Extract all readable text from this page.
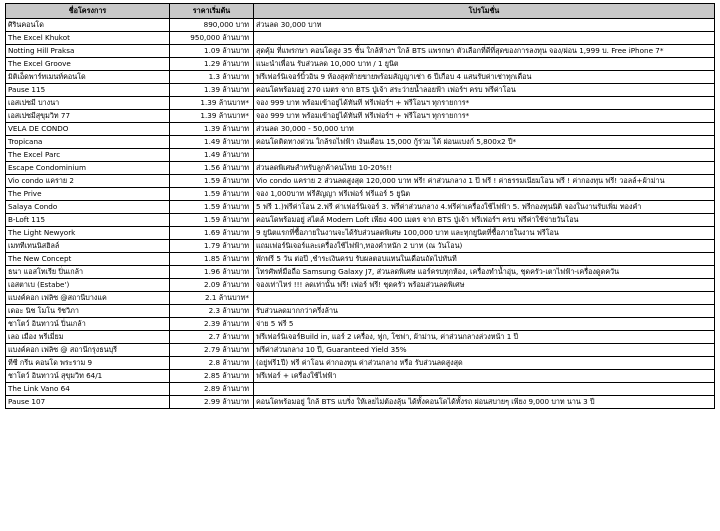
ชื่อโครงการ	ราคาเริ่มต้น	โปรโมชั่น
ศิรินคอนโด	890,000 บาท	ส่วนลด 30,000 บาท
The Excel Khukot	950,000 ล้านบาท	
Notting Hill Praksa	1.09 ล้านบาท	สุดคุ้ม ที่แพรกษา คอนโดสูง 35 ชั้น ใกล้ห้างฯ ใกล้ BTS แพรกษา ตัวเลือกที่ดีที่สุดของการลงทุน จอง/ผ่อน 1,999 บ. Free iPhone 7*
The Excel Groove	1.29 ล้านบาท	แนะนำเพื่อน รับส่วนลด 10,000 บาท / 1 ยูนิต
มิติเอ็ดพาร์ทเมนท์คอนโด	1.3 ล้านบาท	ฟรีเฟอร์นิเจอร์บิ้วอิน 9 ห้องสุดท้ายขายพร้อมสัญญาเช่า 6 ปีเกือบ 4 แสนรับค่าเช่าทุกเดือน
Pause 115	1.39 ล้านบาท	คอนโดพร้อมอยู่ 270 เมตร จาก BTS ปู่เจ้า สระว่ายน้ำลอยฟ้า เฟอร์ฯ ครบ ฟรีค่าโอน
เอสเปซมี บางนา	1.39 ล้านบาท*	จอง 999 บาท พร้อมเข้าอยู่ได้ทันที ฟรีเฟอร์ฯ + ฟรีโอนฯ ทุกรายการ*
เอสเปซมีสุขุมวิท 77	1.39 ล้านบาท*	จอง 999 บาท พร้อมเข้าอยู่ได้ทันที ฟรีเฟอร์ฯ + ฟรีโอนฯ ทุกรายการ*
VELA DE CONDO	1.39 ล้านบาท	ส่วนลด 30,000 - 50,000 บาท
Tropicana	1.49 ล้านบาท	คอนโดติดทางด่วน ใกล้รถไฟฟ้า เงินเดือน 15,000 กู้ร่วม ได้ ผ่อนแบงก์ 5,800x2 ปี*
The Excel Parc	1.49 ล้านบาท	
Escape Condominium	1.56 ล้านบาท	ส่วนลดพิเศษสำหรับลูกค้าคนไทย 10-20%!!
Vio condo แคราย 2	1.59 ล้านบาท	Vio condo แคราย 2 ส่วนลดสูงสุด 120,000 บาท ฟรี! ค่าส่วนกลาง 1 ปี ฟรี ! ค่าธรรมเนียมโอน ฟรี ! ค่ากองทุน ฟรี! วอลล์+ผ้าม่าน
The Prive	1.59 ล้านบาท	จอง 1,000บาท ฟรีสัญญา ฟรีเฟอร์ ฟรีแอร์ 5 ยูนิต
Salaya Condo	1.59 ล้านบาท	5 ฟรี 1.)ฟรีค่าโอน 2.ฟรี ค่าเฟอร์นิเจอร์ 3. ฟรีค่าส่วนกลาง 4.ฟรีค่าเครื่องใช้ไฟฟ้า 5. ฟรีกองทุนนิติ จองในงานรับเพิ่ม ทองคำ
B-Loft 115	1.59 ล้านบาท	คอนโดพร้อมอยู่ สไตล์ Modern Loft เพียง 400 เมตร จาก BTS ปู่เจ้า ฟรีเฟอร์ฯ ครบ ฟรีค่าใช้จ่ายวันโอน
The Light Newyork	1.69 ล้านบาท	9 ยูนิตแรกที่ซื้อภายในงานจะได้รับส่วนลดพิเศษ 100,000 บาท และทุกยูนิตที่ซื้อภายในงาน ฟรีโอน
เมททีเทนนิสฮิลล์	1.79 ล้านบาท	แถมเฟอร์นิเจอร์และเครื่องใช้ไฟฟ้า,ทองคำหนัก 2 บาท (ณ วันโอน)
The New Concept	1.85 ล้านบาท	พักฟรี 5 วัน ต่อปี ,ชำระเงินครบ รับผลตอบแทนในเดือนถัดไปทันที
ธนา แอสโทเรีย ปิ่นเกล้า	1.96 ล้านบาท	โทรศัพท์มือถือ Samsung Galaxy J7, ส่วนลดพิเศษ แอร์ครบทุกห้อง, เครื่องทำน้ำอุ่น, ชุดครัว-เตาไฟฟ้า-เครื่องดูดควัน
เอสตาเบ (Estabe')	2.09 ล้านบาท	จองเท่าไหร่ !!! ลดเท่านั้น ฟรี! เฟอร์ ฟรี! ชุดครัว พร้อมส่วนลดพิเศษ
แบงค์คอก เฟลิซ @สถานีบางแค	2.1 ล้านบาท*	
เดอะ นิช โมโน รัชวิภา	2.3 ล้านบาท	รับส่วนลดมากกว่าครึ่งล้าน
ชาโตว์ อินทาวน์ ปิ่นเกล้า	2.39 ล้านบาท	จ่าย 5 ฟรี 5
เลอ เมือง พรีเมี่ยม	2.7 ล้านบาท	ฟรีเฟอร์นิเจอร์Build in, แอร์ 2 เครื่อง, ฟูก, โซฟา, ผ้าม่าน, ค่าส่วนกลางล่วงหน้า 1 ปี
แบงค์คอก เฟลิซ @ สถานีกรุงธนบุรี	2.79 ล้านบาท	ฟรีค่าส่วนกลาง 10 ปี, Guaranteed Yield 35%
ทีซี กรีน คอนโด พระราม 9	2.8 ล้านบาท	(อยู่ฟรี1ปี) ฟรี ค่าโอน ค่ากองทุน ค่าส่วนกลาง หรือ รับส่วนลดสูงสุด
ชาโตว์ อินทาวน์ สุขุมวิท 64/1	2.85 ล้านบาท	ฟรีเฟอร์ + เครื่องใช้ไฟฟ้า
The Link Vano 64	2.89 ล้านบาท	
Pause 107	2.99 ล้านบาท	คอนโดพร้อมอยู่ ใกล้ BTS แบริ่ง ให้เลยไม่ต้องลุ้น ได้ทั้งคอนโดได้ทั้งรถ ผ่อนสบายๆ เพียง 9,000 บาท นาน 3 ปี
